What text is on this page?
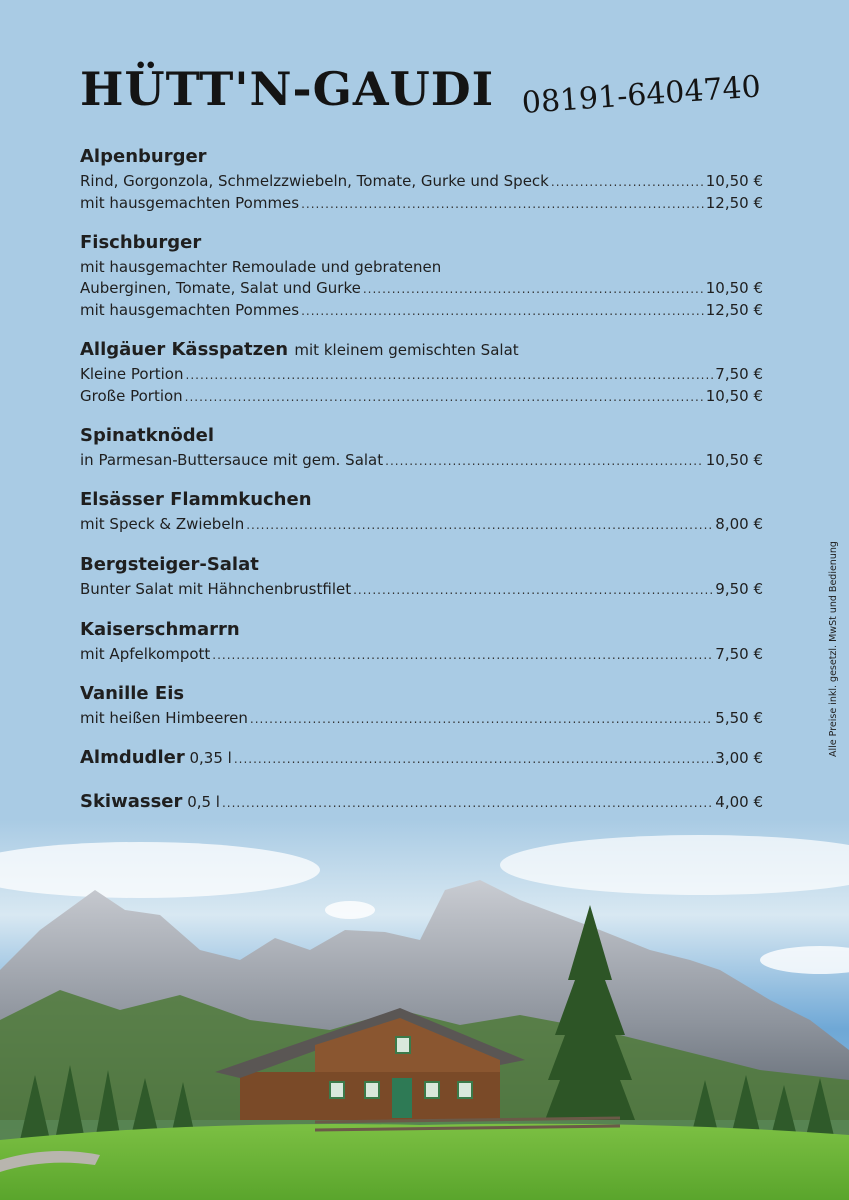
HÜTT'N-GAUDI 08191-6404740
Alpenburger
Rind, Gorgonzola, Schmelzzwiebeln, Tomate, Gurke und Speck .....	10,50 €
mit hausgemachten Pommes .....	12,50 €
Fischburger
mit hausgemachter Remoulade und gebratenen
Auberginen, Tomate, Salat und Gurke .....	10,50 €
mit hausgemachten Pommes .....	12,50 €
Allgäuer Kässpatzen mit kleinem gemischten Salat
Kleine Portion .....	7,50 €
Große Portion .....	10,50 €
Spinatknödel
in Parmesan-Buttersauce mit gem. Salat .....	10,50 €
Elsässer Flammkuchen
mit Speck & Zwiebeln .....	8,00 €
Bergsteiger-Salat
Bunter Salat mit Hähnchenbrustfilet .....	9,50 €
Kaiserschmarrn
mit Apfelkompott .....	7,50 €
Vanille Eis
mit heißen Himbeeren .....	5,50 €
Almdudler 0,35 l .....	3,00 €
Skiwasser 0,5 l .....	4,00 €
Alle Preise inkl. gesetzl. MwSt und Bedienung
